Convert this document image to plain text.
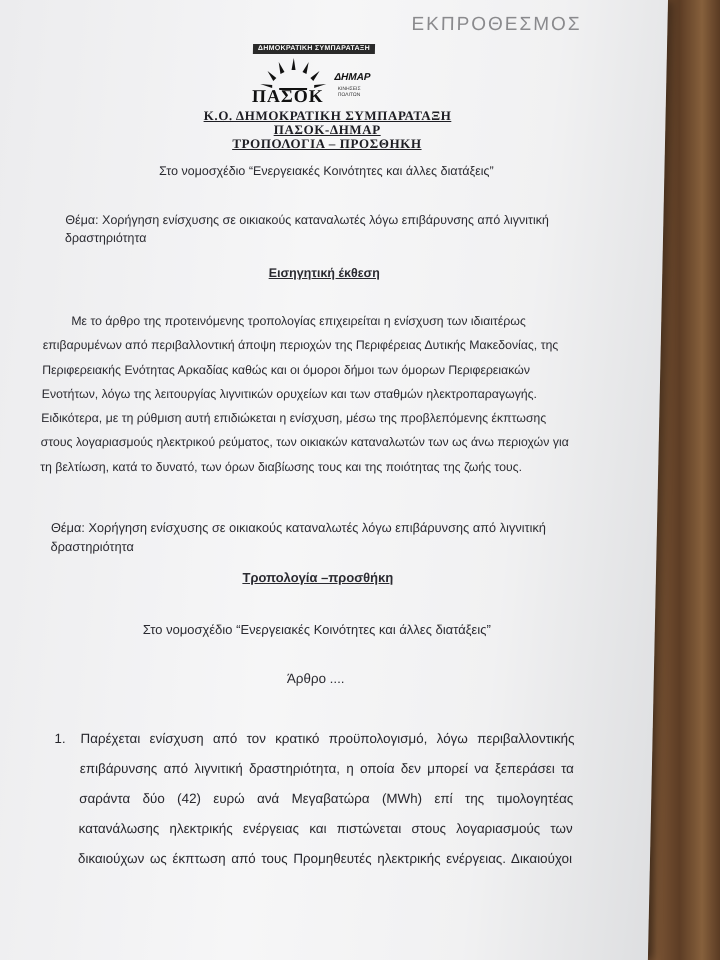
ΕΚΠΡΟΘΕΣΜΟΣ
ΔΗΜΟΚΡΑΤΙΚΗ ΣΥΜΠΑΡΑΤΑΞΗ
ΠΑΣΟΚ
ΔΗΜΑΡ
ΚΙΝΗΣΕΙΣ ΠΟΛΙΤΩΝ
Κ.Ο. ΔΗΜΟΚΡΑΤΙΚΗ ΣΥΜΠΑΡΑΤΑΞΗ
ΠΑΣΟΚ-ΔΗΜΑΡ
ΤΡΟΠΟΛΟΓΙΑ – ΠΡΟΣΘΗΚΗ
Στο νομοσχέδιο “Ενεργειακές Κοινότητες και άλλες διατάξεις”
Θέμα: Χορήγηση ενίσχυσης σε οικιακούς καταναλωτές λόγω επιβάρυνσης από λιγνιτική
δραστηριότητα
Εισηγητική έκθεση
Με το άρθρο της προτεινόμενης τροπολογίας επιχειρείται η ενίσχυση των ιδιαιτέρως
επιβαρυμένων από περιβαλλοντική άποψη περιοχών της Περιφέρειας Δυτικής Μακεδονίας, της
Περιφερειακής Ενότητας Αρκαδίας καθώς και οι όμοροι δήμοι των όμορων Περιφερειακών
Ενοτήτων, λόγω της λειτουργίας λιγνιτικών ορυχείων και των σταθμών ηλεκτροπαραγωγής.
Ειδικότερα, με τη ρύθμιση αυτή επιδιώκεται η ενίσχυση, μέσω της προβλεπόμενης έκπτωσης
στους λογαριασμούς ηλεκτρικού ρεύματος, των οικιακών καταναλωτών των ως άνω περιοχών για
τη βελτίωση, κατά το δυνατό, των όρων διαβίωσης τους και της ποιότητας της ζωής τους.
Θέμα: Χορήγηση ενίσχυσης σε οικιακούς καταναλωτές λόγω επιβάρυνσης από λιγνιτική
δραστηριότητα
Τροπολογία –προσθήκη
Στο νομοσχέδιο “Ενεργειακές Κοινότητες και άλλες διατάξεις”
Άρθρο ....
1. Παρέχεται ενίσχυση από τον κρατικό προϋπολογισμό, λόγω περιβαλλοντικής
επιβάρυνσης από λιγνιτική δραστηριότητα, η οποία δεν μπορεί να ξεπεράσει τα
σαράντα δύο (42) ευρώ ανά Μεγαβατώρα (MWh) επί της τιμολογητέας
κατανάλωσης ηλεκτρικής ενέργειας και πιστώνεται στους λογαριασμούς των
δικαιούχων ως έκπτωση από τους Προμηθευτές ηλεκτρικής ενέργειας. Δικαιούχοι
